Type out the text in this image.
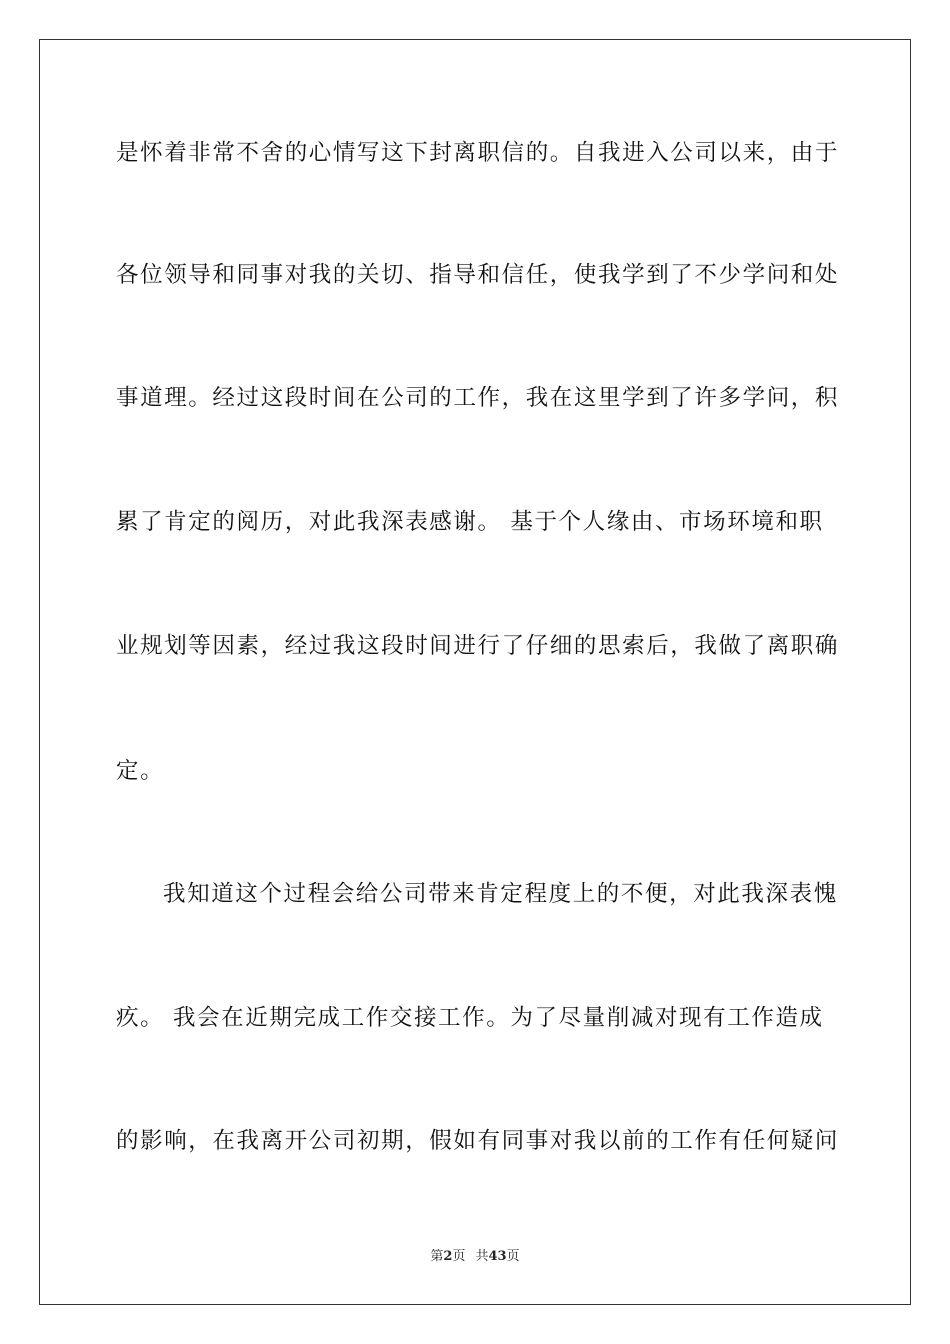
是怀着非常不舍的心情写这下封离职信的。自我进入公司以来，由于
各位领导和同事对我的关切、指导和信任，使我学到了不少学问和处
事道理。经过这段时间在公司的工作，我在这里学到了许多学问，积
累了肯定的阅历，对此我深表感谢。 基于个人缘由、市场环境和职
业规划等因素，经过我这段时间进行了仔细的思索后，我做了离职确
定。
我知道这个过程会给公司带来肯定程度上的不便，对此我深表愧
疚。 我会在近期完成工作交接工作。为了尽量削减对现有工作造成
的影响，在我离开公司初期，假如有同事对我以前的工作有任何疑问
第2页 共43页
